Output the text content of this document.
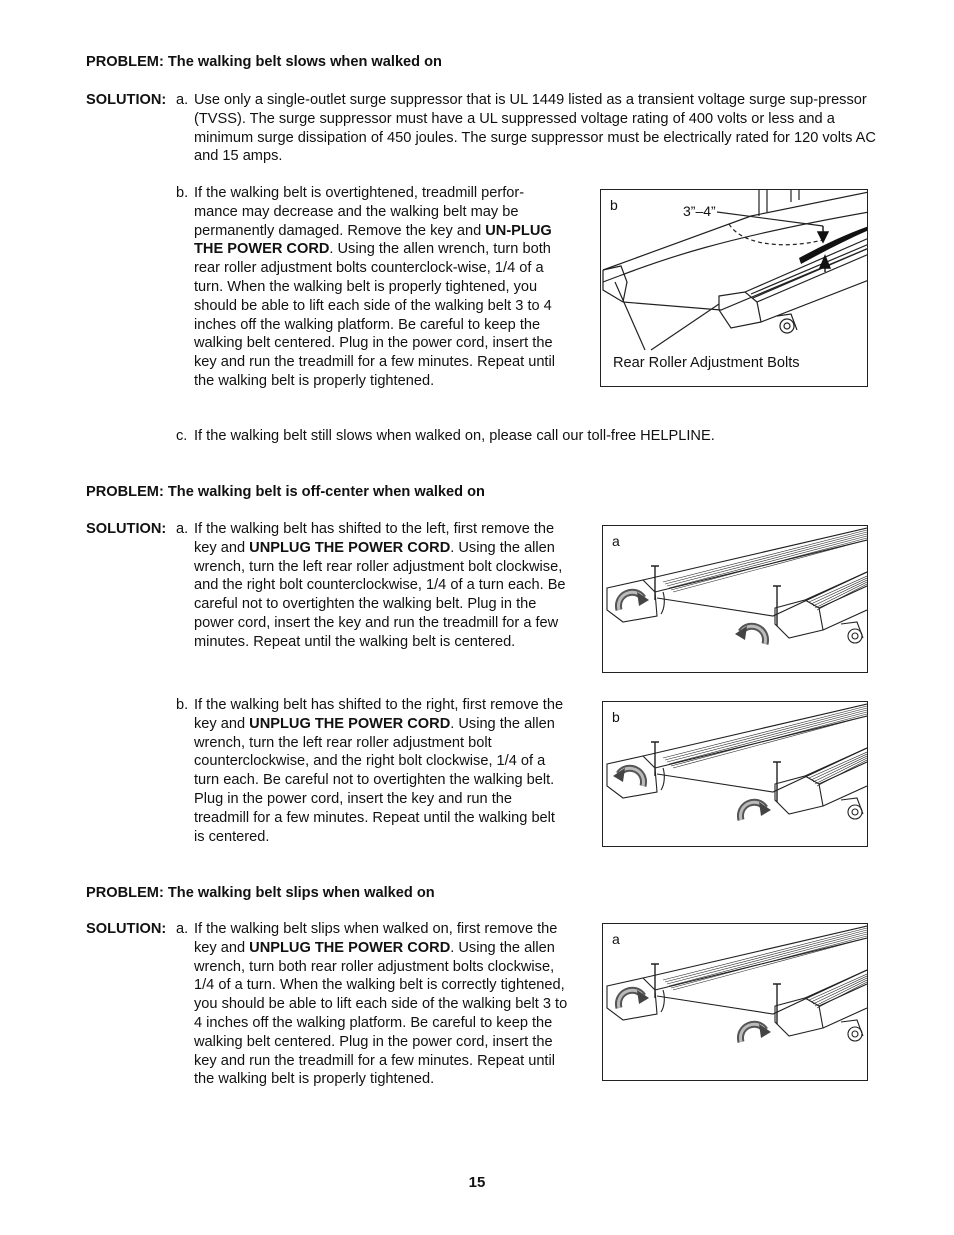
PROBLEM: The walking belt slows when walked on
SOLUTION: a. Use only a single-outlet surge suppressor that is UL 1449 listed as a transient voltage surge sup-pressor (TVSS). The surge suppressor must have a UL suppressed voltage rating of 400 volts or less and a minimum surge dissipation of 450 joules. The surge suppressor must be electrically rated for 120 volts AC and 15 amps.
b. If the walking belt is overtightened, treadmill perfor-mance may decrease and the walking belt may be permanently damaged. Remove the key and UN-PLUG THE POWER CORD. Using the allen wrench, turn both rear roller adjustment bolts counterclock-wise, 1/4 of a turn. When the walking belt is properly tightened, you should be able to lift each side of the walking belt 3 to 4 inches off the walking platform. Be careful to keep the walking belt centered. Plug in the power cord, insert the key and run the treadmill for a few minutes. Repeat until the walking belt is properly tightened.
c. If the walking belt still slows when walked on, please call our toll-free HELPLINE.
b	3”–4”
Rear Roller Adjustment Bolts
PROBLEM: The walking belt is off-center when walked on
SOLUTION: a. If the walking belt has shifted to the left, first remove the key and UNPLUG THE POWER CORD. Using the allen wrench, turn the left rear roller adjustment bolt clockwise, and the right bolt counterclockwise, 1/4 of a turn each. Be careful not to overtighten the walking belt. Plug in the power cord, insert the key and run the treadmill for a few minutes. Repeat until the walking belt is centered.
b. If the walking belt has shifted to the right, first remove the key and UNPLUG THE POWER CORD. Using the allen wrench, turn the left rear roller adjustment bolt counterclockwise, and the right bolt clockwise, 1/4 of a turn each. Be careful not to overtighten the walking belt. Plug in the power cord, insert the key and run the treadmill for a few minutes. Repeat until the walking belt is centered.
a
b
PROBLEM: The walking belt slips when walked on
SOLUTION: a. If the walking belt slips when walked on, first remove the key and UNPLUG THE POWER CORD. Using the allen wrench, turn both rear roller adjustment bolts clockwise, 1/4 of a turn. When the walking belt is correctly tightened, you should be able to lift each side of the walking belt 3 to 4 inches off the walking platform. Be careful to keep the walking belt centered. Plug in the power cord, insert the key and run the treadmill for a few minutes. Repeat until the walking belt is properly tightened.
a
15
